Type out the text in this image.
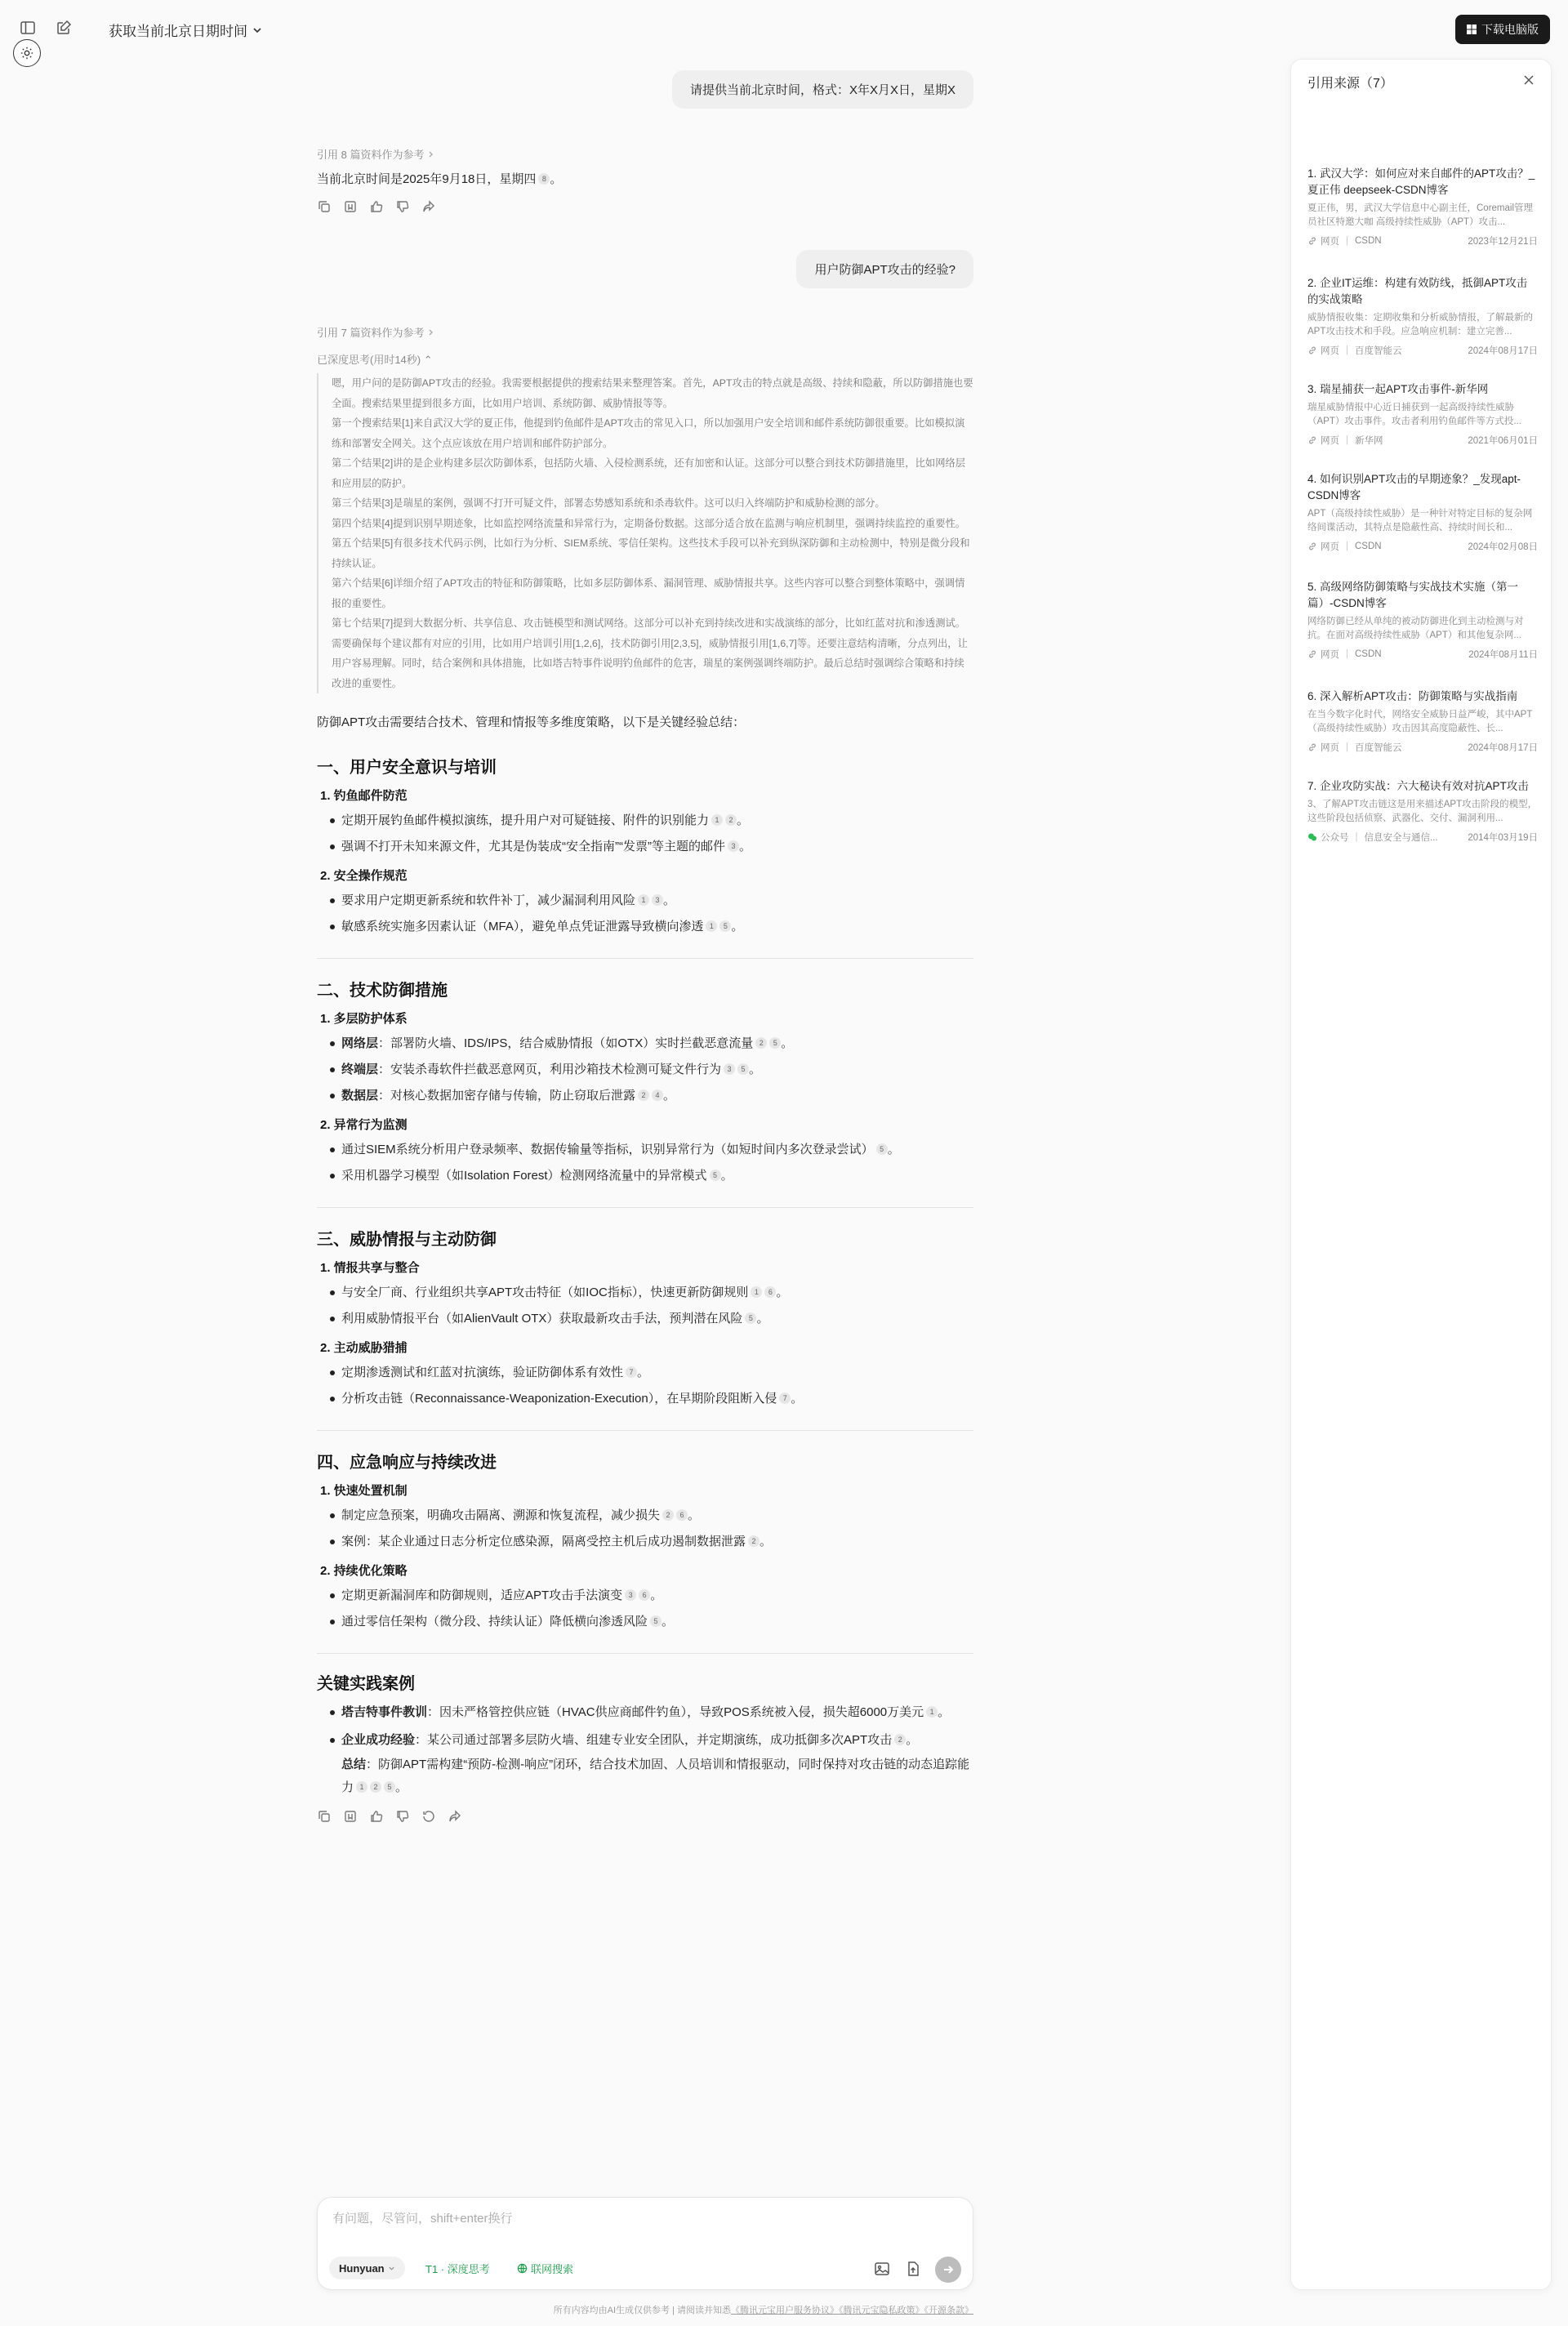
获取当前北京日期时间	下载电脑版
请提供当前北京时间，格式：X年X月X日，星期X
引用 8 篇资料作为参考
当前北京时间是2025年9月18日，星期四 8 。
用户防御APT攻击的经验?
引用 7 篇资料作为参考
已深度思考(用时14秒) ⌃

嗯，用户问的是防御APT攻击的经验。我需要根据提供的搜索结果来整理答案。首先，APT攻击的特点就是高级、持续和隐蔽，所以防御措施也要全面。搜索结果里提到很多方面，比如用户培训、系统防御、威胁情报等等。

第一个搜索结果[1]来自武汉大学的夏正伟，他提到钓鱼邮件是APT攻击的常见入口，所以加强用户安全培训和邮件系统防御很重要。比如模拟演练和部署安全网关。这个点应该放在用户培训和邮件防护部分。

第二个结果[2]讲的是企业构建多层次防御体系，包括防火墙、入侵检测系统，还有加密和认证。这部分可以整合到技术防御措施里，比如网络层和应用层的防护。

第三个结果[3]是瑞星的案例，强调不打开可疑文件，部署态势感知系统和杀毒软件。这可以归入终端防护和威胁检测的部分。

第四个结果[4]提到识别早期迹象，比如监控网络流量和异常行为，定期备份数据。这部分适合放在监测与响应机制里，强调持续监控的重要性。

第五个结果[5]有很多技术代码示例，比如行为分析、SIEM系统、零信任架构。这些技术手段可以补充到纵深防御和主动检测中，特别是微分段和持续认证。

第六个结果[6]详细介绍了APT攻击的特征和防御策略，比如多层防御体系、漏洞管理、威胁情报共享。这些内容可以整合到整体策略中，强调情报的重要性。

第七个结果[7]提到大数据分析、共享信息、攻击链模型和测试网络。这部分可以补充到持续改进和实战演练的部分，比如红蓝对抗和渗透测试。

需要确保每个建议都有对应的引用，比如用户培训引用[1,2,6]，技术防御引用[2,3,5]，威胁情报引用[1,6,7]等。还要注意结构清晰，分点列出，让用户容易理解。同时，结合案例和具体措施，比如塔吉特事件说明钓鱼邮件的危害，瑞星的案例强调终端防护。最后总结时强调综合策略和持续改进的重要性。

防御APT攻击需要结合技术、管理和情报等多维度策略，以下是关键经验总结：
一、用户安全意识与培训
1. 钓鱼邮件防范
定期开展钓鱼邮件模拟演练，提升用户对可疑链接、附件的识别能力 1 2 。
强调不打开未知来源文件，尤其是伪装成“安全指南”“发票”等主题的邮件 3 。
2. 安全操作规范
要求用户定期更新系统和软件补丁，减少漏洞利用风险 1 3 。
敏感系统实施多因素认证（MFA），避免单点凭证泄露导致横向渗透 1 5 。
二、技术防御措施
1. 多层防护体系
网络层：部署防火墙、IDS/IPS，结合威胁情报（如OTX）实时拦截恶意流量 2 5 。
终端层：安装杀毒软件拦截恶意网页，利用沙箱技术检测可疑文件行为 3 5 。
数据层：对核心数据加密存储与传输，防止窃取后泄露 2 4 。
2. 异常行为监测
通过SIEM系统分析用户登录频率、数据传输量等指标，识别异常行为（如短时间内多次登录尝试） 5 。
采用机器学习模型（如Isolation Forest）检测网络流量中的异常模式 5 。
三、威胁情报与主动防御
1. 情报共享与整合
与安全厂商、行业组织共享APT攻击特征（如IOC指标），快速更新防御规则 1 6 。
利用威胁情报平台（如AlienVault OTX）获取最新攻击手法，预判潜在风险 5 。
2. 主动威胁猎捕
定期渗透测试和红蓝对抗演练，验证防御体系有效性 7 。
分析攻击链（Reconnaissance-Weaponization-Execution），在早期阶段阻断入侵 7 。
四、应急响应与持续改进
1. 快速处置机制
制定应急预案，明确攻击隔离、溯源和恢复流程，减少损失 2 6 。
案例：某企业通过日志分析定位感染源，隔离受控主机后成功遏制数据泄露 2 。
2. 持续优化策略
定期更新漏洞库和防御规则，适应APT攻击手法演变 3 6 。
通过零信任架构（微分段、持续认证）降低横向渗透风险 5 。
关键实践案例
塔吉特事件教训：因未严格管控供应链（HVAC供应商邮件钓鱼），导致POS系统被入侵，损失超6000万美元 1 。
企业成功经验：某公司通过部署多层防火墙、组建专业安全团队，并定期演练，成功抵御多次APT攻击 2 。
总结：防御APT需构建“预防-检测-响应”闭环，结合技术加固、人员培训和情报驱动，同时保持对攻击链的动态追踪能力 1 2 5 。
有问题，尽管问，shift+enter换行
Hunyuan	T1 · 深度思考	联网搜索
所有内容均由AI生成仅供参考 | 请阅读并知悉《腾讯元宝用户服务协议》《腾讯元宝隐私政策》《开源条款》
引用来源（7）
1. 武汉大学：如何应对来自邮件的APT攻击？_夏正伟 deepseek-CSDN博客
夏正伟，男，武汉大学信息中心副主任，Coremail管理员社区特邀大咖 高级持续性威胁（APT）攻击...
网页 | CSDN	2023年12月21日
2. 企业IT运维：构建有效防线，抵御APT攻击的实战策略
威胁情报收集：定期收集和分析威胁情报，了解最新的APT攻击技术和手段。应急响应机制：建立完善...
网页 | 百度智能云	2024年08月17日
3. 瑞星捕获一起APT攻击事件-新华网
瑞星威胁情报中心近日捕获到一起高级持续性威胁（APT）攻击事件。攻击者利用钓鱼邮件等方式投...
网页 | 新华网	2021年06月01日
4. 如何识别APT攻击的早期迹象？_发现apt-CSDN博客
APT（高级持续性威胁）是一种针对特定目标的复杂网络间谍活动，其特点是隐蔽性高、持续时间长和...
网页 | CSDN	2024年02月08日
5. 高级网络防御策略与实战技术实施（第一篇）-CSDN博客
网络防御已经从单纯的被动防御进化到主动检测与对抗。在面对高级持续性威胁（APT）和其他复杂网...
网页 | CSDN	2024年08月11日
6. 深入解析APT攻击：防御策略与实战指南
在当今数字化时代，网络安全威胁日益严峻，其中APT（高级持续性威胁）攻击因其高度隐蔽性、长...
网页 | 百度智能云	2024年08月17日
7. 企业攻防实战：六大秘诀有效对抗APT攻击
3、了解APT攻击链这是用来描述APT攻击阶段的模型，这些阶段包括侦察、武器化、交付、漏洞利用...
公众号 | 信息安全与通信...	2014年03月19日
